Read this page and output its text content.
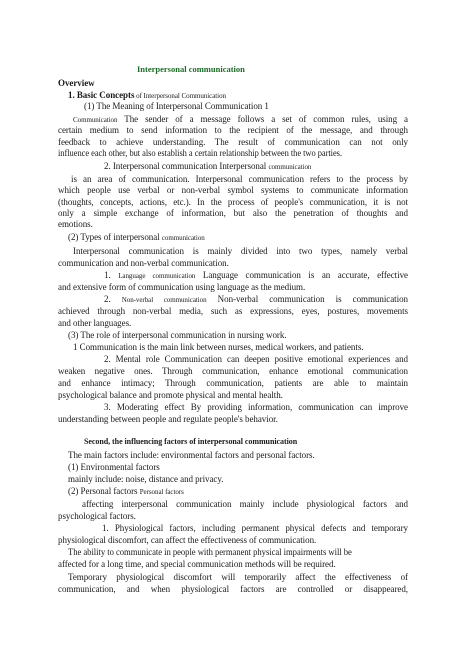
Interpersonal communication
Overview
1. Basic Concepts of Interpersonal Communication
(1) The Meaning of Interpersonal Communication 1
Communication The sender of a message follows a set of common rules, using a
certain medium to send information to the recipient of the message, and through
feedback to achieve understanding. The result of communication can not only
influence each other, but also establish a certain relationship between the two parties.
2. Interpersonal communication Interpersonal communication
is an area of communication. Interpersonal communication refers to the process by
which people use verbal or non-verbal symbol systems to communicate information
(thoughts, concepts, actions, etc.). In the process of people's communication, it is not
only a simple exchange of information, but also the penetration of thoughts and
emotions.
(2) Types of interpersonal communication
Interpersonal communication is mainly divided into two types, namely verbal
communication and non-verbal communication.
1. Language communication Language communication is an accurate, effective
and extensive form of communication using language as the medium.
2. Non-verbal communication Non-verbal communication is communication
achieved through non-verbal media, such as expressions, eyes, postures, movements
and other languages.
(3) The role of interpersonal communication in nursing work.
1 Communication is the main link between nurses, medical workers, and patients.
2. Mental role Communication can deepen positive emotional experiences and
weaken negative ones. Through communication, enhance emotional communication
and enhance intimacy; Through communication, patients are able to maintain
psychological balance and promote physical and mental health.
3. Moderating effect By providing information, communication can improve
understanding between people and regulate people's behavior.
Second, the influencing factors of interpersonal communication
The main factors include: environmental factors and personal factors.
(1) Environmental factors
mainly include: noise, distance and privacy.
(2) Personal factors Personal factors
affecting interpersonal communication mainly include physiological factors and
psychological factors.
1. Physiological factors, including permanent physical defects and temporary
physiological discomfort, can affect the effectiveness of communication.
The ability to communicate in people with permanent physical impairments will be
affected for a long time, and special communication methods will be required.
Temporary physiological discomfort will temporarily affect the effectiveness of
communication, and when physiological factors are controlled or disappeared,
